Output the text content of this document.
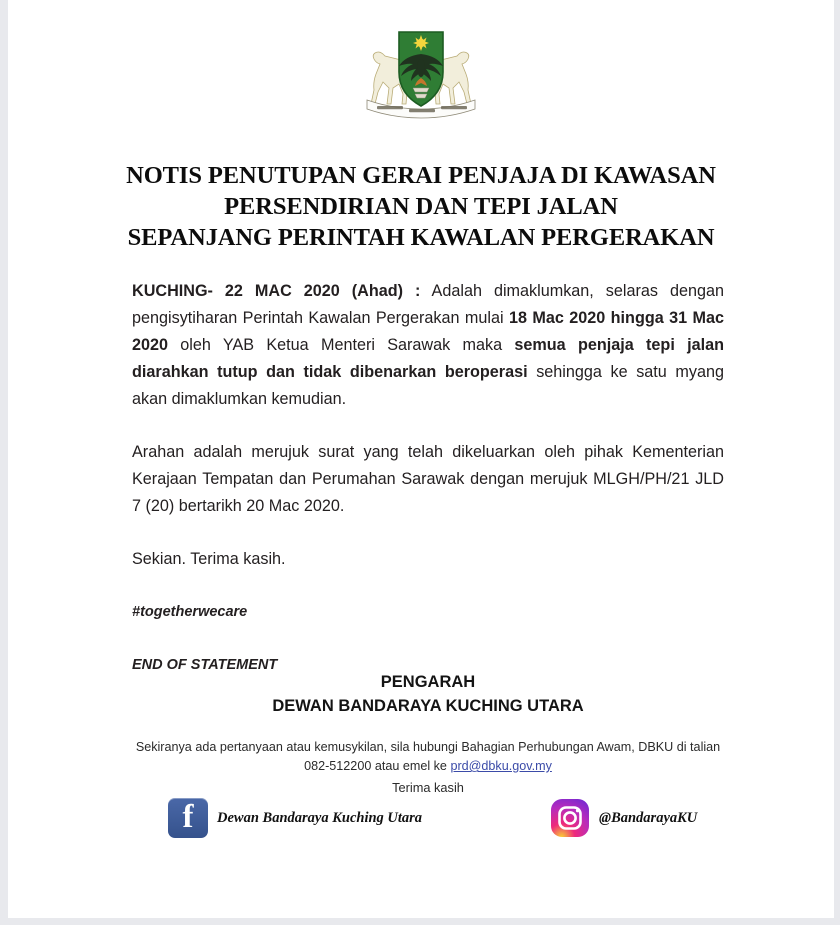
NOTIS PENUTUPAN GERAI PENJAJA DI KAWASAN
PERSENDIRIAN DAN TEPI JALAN
SEPANJANG PERINTAH KAWALAN PERGERAKAN

KUCHING- 22 MAC 2020 (Ahad) : Adalah dimaklumkan, selaras dengan pengisytiharan Perintah Kawalan Pergerakan mulai 18 Mac 2020 hingga 31 Mac 2020 oleh YAB Ketua Menteri Sarawak maka semua penjaja tepi jalan diarahkan tutup dan tidak dibenarkan beroperasi sehingga ke satu myang akan dimaklumkan kemudian.

Arahan adalah merujuk surat yang telah dikeluarkan oleh pihak Kementerian Kerajaan Tempatan dan Perumahan Sarawak dengan merujuk MLGH/PH/21 JLD 7 (20) bertarikh 20 Mac 2020.

Sekian. Terima kasih.

#togetherwecare

END OF STATEMENT

PENGARAH
DEWAN BANDARAYA KUCHING UTARA
Sekiranya ada pertanyaan atau kemusykilan, sila hubungi Bahagian Perhubungan Awam, DBKU di talian
082-512200 atau emel ke prd@dbku.gov.my
Terima kasih
f
Dewan Bandaraya Kuching Utara	@BandarayaKU
